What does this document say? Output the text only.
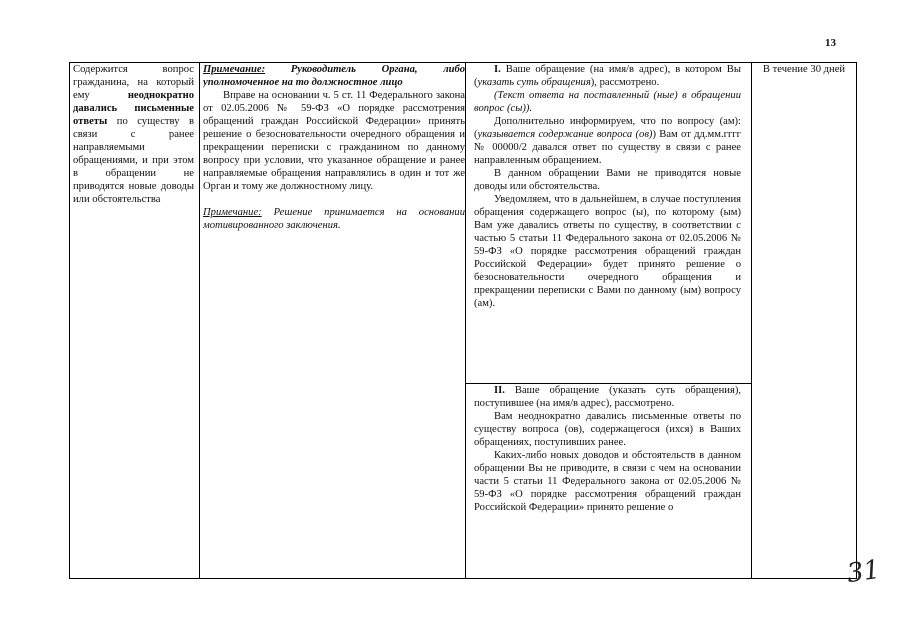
13

Содержится вопрос гражданина, на который ему неоднократно давались письменные ответы по существу в связи с ранее направляемыми обращениями, и при этом в обращении не приводятся новые доводы или обстоятельства

Примечание: Руководитель Органа, либо уполномоченное на то должностное лицо

Вправе на основании ч. 5 ст. 11 Федерального закона от 02.05.2006 № 59-ФЗ «О порядке рассмотрения обращений граждан Российской Федерации» принять решение о безосновательности очередного обращения и прекращении переписки с гражданином по данному вопросу при условии, что указанное обращение и ранее направляемые обращения направлялись в один и тот же Орган и тому же должностному лицу.

Примечание: Решение принимается на основании мотивированного заключения.

I. Ваше обращение (на имя/в адрес), в котором Вы (указать суть обращения), рассмотрено.

(Текст ответа на поставленный (ные) в обращении вопрос (сы)).

Дополнительно информируем, что по вопросу (ам): (указывается содержание вопроса (ов)) Вам от дд.мм.гггг № 00000/2 давался ответ по существу в связи с ранее направленным обращением.

В данном обращении Вами не приводятся новые доводы или обстоятельства.

Уведомляем, что в дальнейшем, в случае поступления обращения содержащего вопрос (ы), по которому (ым) Вам уже давались ответы по существу, в соответствии с частью 5 статьи 11 Федерального закона от 02.05.2006 № 59-ФЗ «О порядке рассмотрения обращений граждан Российской Федерации» будет принято решение о безосновательности очередного обращения и прекращении переписки с Вами по данному (ым) вопросу (ам).

II. Ваше обращение (указать суть обращения), поступившее (на имя/в адрес), рассмотрено.

Вам неоднократно давались письменные ответы по существу вопроса (ов), содержащегося (ихся) в Ваших обращениях, поступивших ранее.

Каких-либо новых доводов и обстоятельств в данном обращении Вы не приводите, в связи с чем на основании части 5 статьи 11 Федерального закона от 02.05.2006 № 59-ФЗ «О порядке рассмотрения обращений граждан Российской Федерации» принято решение о

В течение 30 дней
31
